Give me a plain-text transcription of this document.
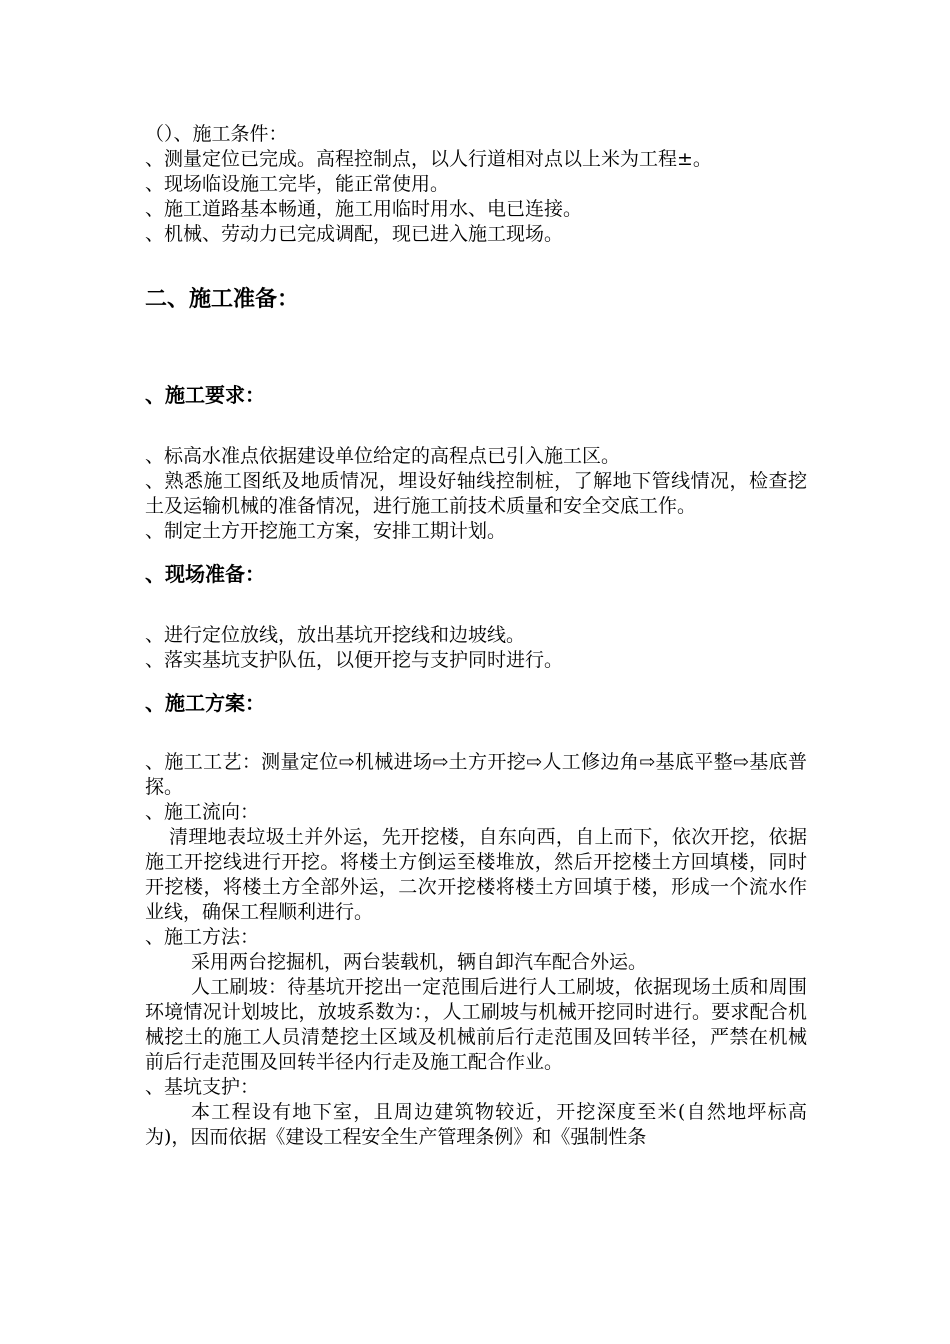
（）、施工条件：

、测量定位已完成。高程控制点，以人行道相对点以上米为工程±。

、现场临设施工完毕，能正常使用。

、施工道路基本畅通，施工用临时用水、电已连接。

、机械、劳动力已完成调配，现已进入施工现场。

二、施工准备：

、施工要求：

、标高水准点依据建设单位给定的高程点已引入施工区。

、熟悉施工图纸及地质情况，埋设好轴线控制桩，了解地下管线情况，检查挖土及运输机械的准备情况，进行施工前技术质量和安全交底工作。

、制定土方开挖施工方案，安排工期计划。

、现场准备：

、进行定位放线，放出基坑开挖线和边坡线。

、落实基坑支护队伍，以便开挖与支护同时进行。

、施工方案：

、施工工艺：测量定位⇨机械进场⇨土方开挖⇨人工修边角⇨基底平整⇨基底普探。

、施工流向：

清理地表垃圾土并外运，先开挖楼，自东向西，自上而下，依次开挖，依据施工开挖线进行开挖。将楼土方倒运至楼堆放，然后开挖楼土方回填楼，同时开挖楼，将楼土方全部外运，二次开挖楼将楼土方回填于楼，形成一个流水作业线，确保工程顺利进行。

、施工方法：

采用两台挖掘机，两台装载机，辆自卸汽车配合外运。

人工刷坡：待基坑开挖出一定范围后进行人工刷坡，依据现场土质和周围环境情况计划坡比，放坡系数为：，人工刷坡与机械开挖同时进行。要求配合机械挖土的施工人员清楚挖土区域及机械前后行走范围及回转半径，严禁在机械前后行走范围及回转半径内行走及施工配合作业。

、基坑支护：

本工程设有地下室，且周边建筑物较近，开挖深度至米(自然地坪标高为)，因而依据《建设工程安全生产管理条例》和《强制性条
